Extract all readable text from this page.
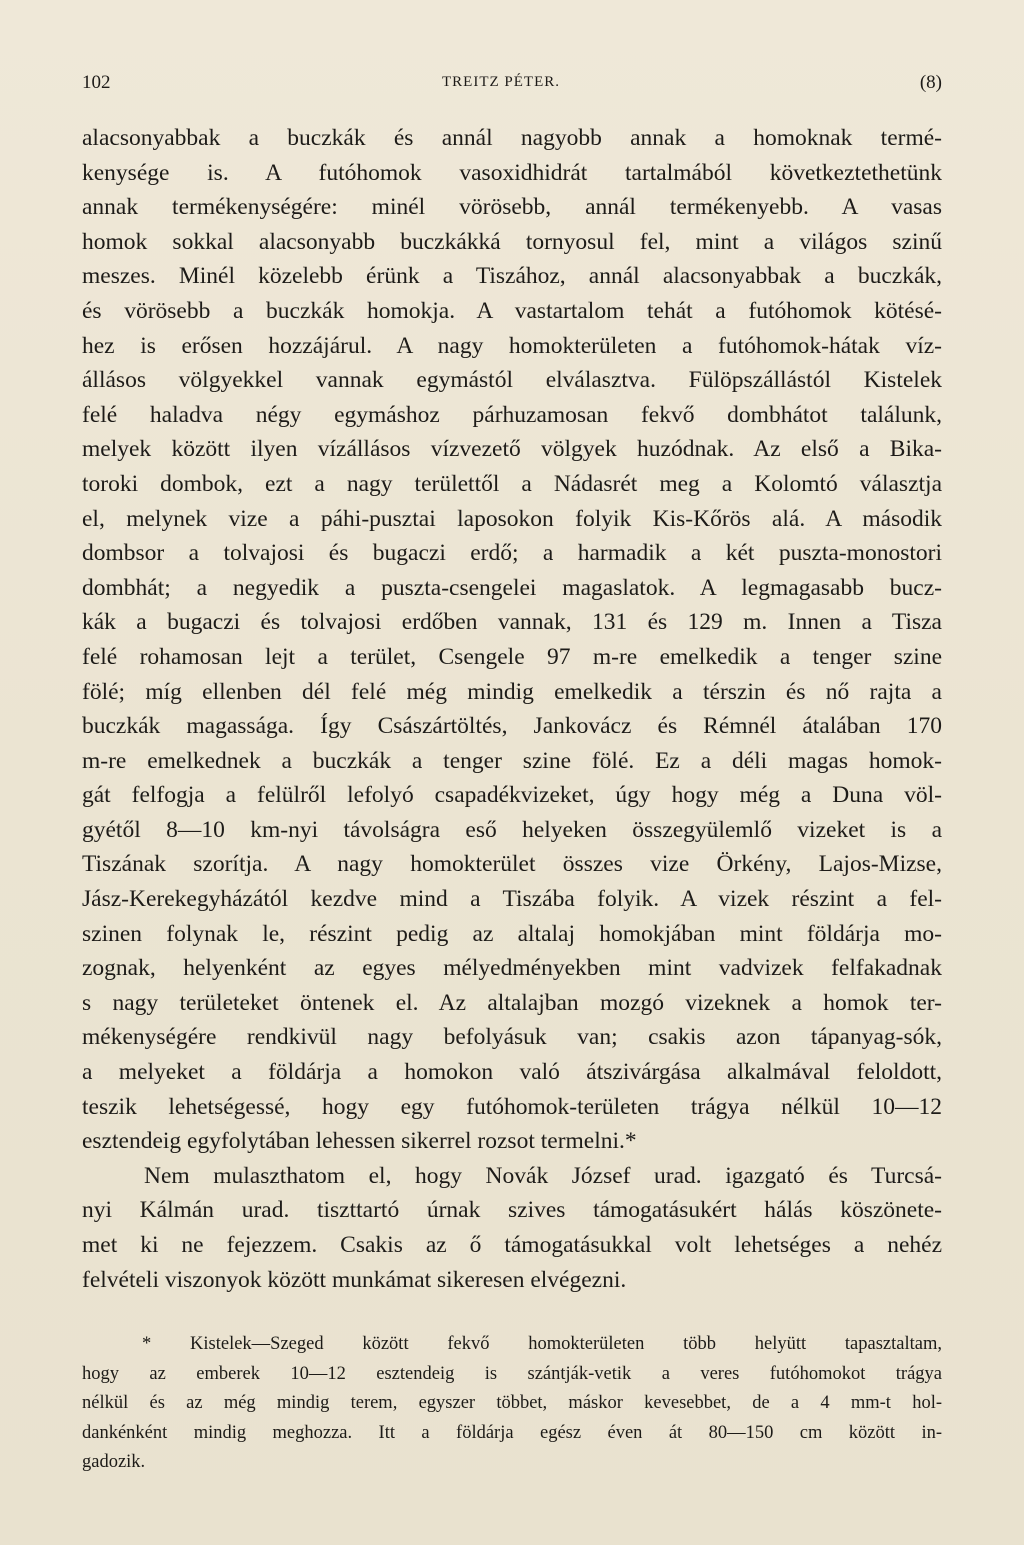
102	TREITZ PÉTER.	(8)
alacsonyabbak a buczkák és annál nagyobb annak a homoknak termé-
kenysége is. A futóhomok vasoxidhidrát tartalmából következtethetünk
annak termékenységére: minél vörösebb, annál termékenyebb. A vasas
homok sokkal alacsonyabb buczkákká tornyosul fel, mint a világos szinű
meszes. Minél közelebb érünk a Tiszához, annál alacsonyabbak a buczkák,
és vörösebb a buczkák homokja. A vastartalom tehát a futóhomok kötésé-
hez is erősen hozzájárul. A nagy homokterületen a futóhomok-hátak víz-
állásos völgyekkel vannak egymástól elválasztva. Fülöpszállástól Kistelek
felé haladva négy egymáshoz párhuzamosan fekvő dombhátot találunk,
melyek között ilyen vízállásos vízvezető völgyek huzódnak. Az első a Bika-
toroki dombok, ezt a nagy területtől a Nádasrét meg a Kolomtó választja
el, melynek vize a páhi-pusztai laposokon folyik Kis-Kőrös alá. A második
dombsor a tolvajosi és bugaczi erdő; a harmadik a két puszta-monostori
dombhát; a negyedik a puszta-csengelei magaslatok. A legmagasabb bucz-
kák a bugaczi és tolvajosi erdőben vannak, 131 és 129 m. Innen a Tisza
felé rohamosan lejt a terület, Csengele 97 m-re emelkedik a tenger szine
fölé; míg ellenben dél felé még mindig emelkedik a térszin és nő rajta a
buczkák magassága. Így Császártöltés, Jankovácz és Rémnél átalában 170
m-re emelkednek a buczkák a tenger szine fölé. Ez a déli magas homok-
gát felfogja a felülről lefolyó csapadékvizeket, úgy hogy még a Duna völ-
gyétől 8—10 km-nyi távolságra eső helyeken összegyülemlő vizeket is a
Tiszának szorítja. A nagy homokterület összes vize Örkény, Lajos-Mizse,
Jász-Kerekegyházától kezdve mind a Tiszába folyik. A vizek részint a fel-
szinen folynak le, részint pedig az altalaj homokjában mint földárja mo-
zognak, helyenként az egyes mélyedményekben mint vadvizek felfakadnak
s nagy területeket öntenek el. Az altalajban mozgó vizeknek a homok ter-
mékenységére rendkivül nagy befolyásuk van; csakis azon tápanyag-sók,
a melyeket a földárja a homokon való átszivárgása alkalmával feloldott,
teszik lehetségessé, hogy egy futóhomok-területen trágya nélkül 10—12
esztendeig egyfolytában lehessen sikerrel rozsot termelni.*
Nem mulaszthatom el, hogy Novák József urad. igazgató és Turcsá-
nyi Kálmán urad. tiszttartó úrnak szives támogatásukért hálás köszönete-
met ki ne fejezzem. Csakis az ő támogatásukkal volt lehetséges a nehéz
felvételi viszonyok között munkámat sikeresen elvégezni.
* Kistelek—Szeged között fekvő homokterületen több helyütt tapasztaltam,
hogy az emberek 10—12 esztendeig is szántják-vetik a veres futóhomokot trágya
nélkül és az még mindig terem, egyszer többet, máskor kevesebbet, de a 4 mm-t hol-
dankénként mindig meghozza. Itt a földárja egész éven át 80—150 cm között in-
gadozik.
